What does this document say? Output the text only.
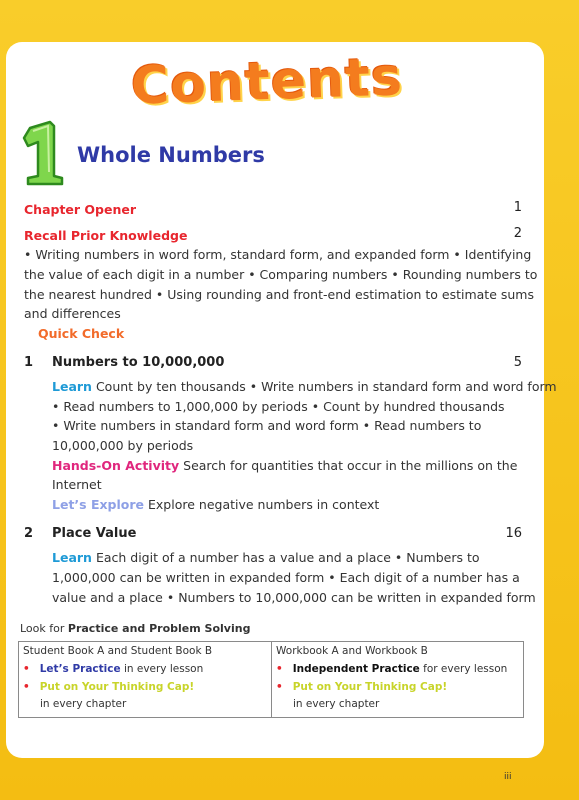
Contents
Whole Numbers
Chapter Opener	1
Recall Prior Knowledge	2
• Writing numbers in word form, standard form, and expanded form • Identifying
the value of each digit in a number • Comparing numbers • Rounding numbers to
the nearest hundred • Using rounding and front-end estimation to estimate sums
and differences
Quick Check
1 Numbers to 10,000,000	5
Learn Count by ten thousands • Write numbers in standard form and word form
• Read numbers to 1,000,000 by periods • Count by hundred thousands
• Write numbers in standard form and word form • Read numbers to
10,000,000 by periods
Hands-On Activity Search for quantities that occur in the millions on the
Internet
Let’s Explore Explore negative numbers in context
2 Place Value	16
Learn Each digit of a number has a value and a place • Numbers to
1,000,000 can be written in expanded form • Each digit of a number has a
value and a place • Numbers to 10,000,000 can be written in expanded form
Look for Practice and Problem Solving
Student Book A and Student Book B
• Let’s Practice in every lesson
• Put on Your Thinking Cap!
in every chapter
Workbook A and Workbook B
• Independent Practice for every lesson
• Put on Your Thinking Cap!
in every chapter
iii
